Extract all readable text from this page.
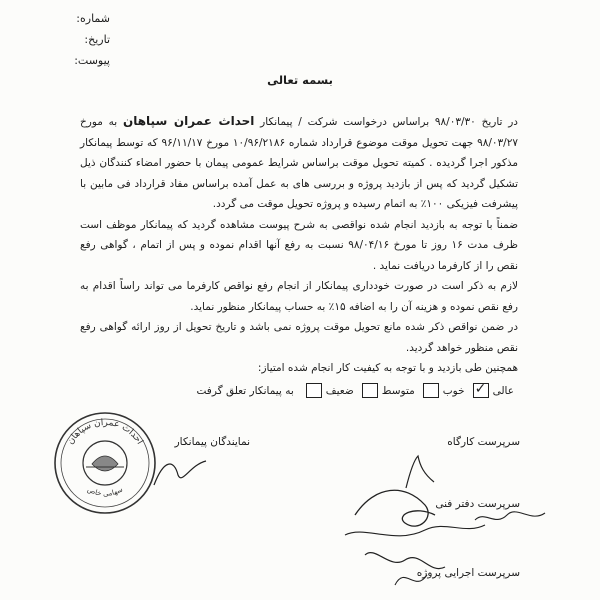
شماره:
تاریخ:
پیوست:
بسمه تعالی

در تاریخ ۹۸/۰۳/۳۰ براساس درخواست شرکت / پیمانکار احداث عمران سپاهان به مورخ ۹۸/۰۳/۲۷ جهت تحویل موقت موضوع قرارداد شماره ۱۰/۹۶/۲۱۸۶ مورخ ۹۶/۱۱/۱۷ که توسط پیمانکار مذکور اجرا گردیده . کمیته تحویل موقت براساس شرایط عمومی پیمان با حضور امضاء کنندگان ذیل تشکیل گردید که پس از بازدید پروژه و بررسی های به عمل آمده براساس مفاد قرارداد فی مابین با پیشرفت فیزیکی ۱۰۰٪ به اتمام رسیده و پروژه تحویل موقت می گردد.

ضمناً با توجه به بازدید انجام شده نواقصی به شرح پیوست مشاهده گردید که پیمانکار موظف است ظرف مدت ۱۶ روز تا مورخ ۹۸/۰۴/۱۶ نسبت به رفع آنها اقدام نموده و پس از اتمام ، گواهی رفع نقص را از کارفرما دریافت نماید .

لازم به ذکر است در صورت خودداری پیمانکار از انجام رفع نواقص کارفرما می تواند راساً اقدام به رفع نقص نموده و هزینه آن را به اضافه ۱۵٪ به حساب پیمانکار منظور نماید.

در ضمن نواقص ذکر شده مانع تحویل موقت پروژه نمی باشد و تاریخ تحویل از روز ارائه گواهی رفع نقص منظور خواهد گردید.

همچنین طی بازدید و با توجه به کیفیت کار انجام شده امتیاز:

عالی
✓
خوب
متوسط
ضعیف
به پیمانکار تعلق گرفت
سرپرست کارگاه
نمایندگان پیمانکار
سرپرست دفتر فنی
سرپرست اجرایی پروژه
احداث عمران سپاهان
سهامی خاص
